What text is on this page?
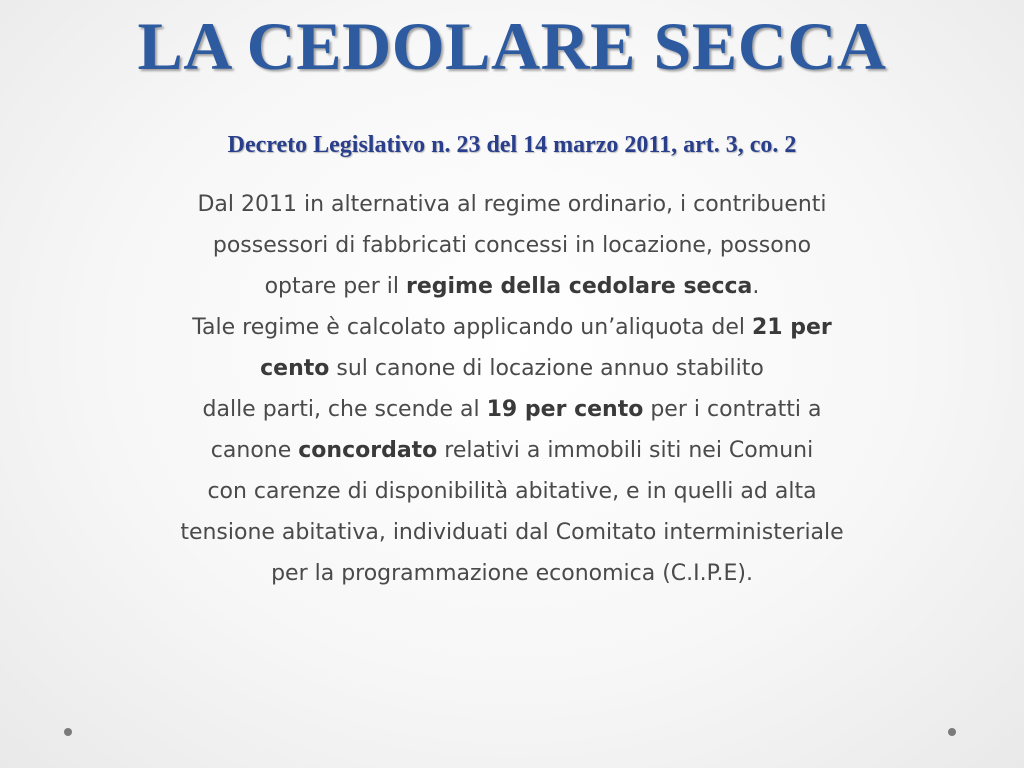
LA CEDOLARE SECCA
Decreto Legislativo n. 23 del 14 marzo 2011, art. 3, co. 2
Dal 2011 in alternativa al regime ordinario, i contribuenti
possessori di fabbricati concessi in locazione, possono
optare per il regime della cedolare secca.
Tale regime è calcolato applicando un’aliquota del 21 per
cento sul canone di locazione annuo stabilito
dalle parti, che scende al 19 per cento per i contratti a
canone concordato relativi a immobili siti nei Comuni
con carenze di disponibilità abitative, e in quelli ad alta
tensione abitativa, individuati dal Comitato interministeriale
per la programmazione economica (C.I.P.E).
